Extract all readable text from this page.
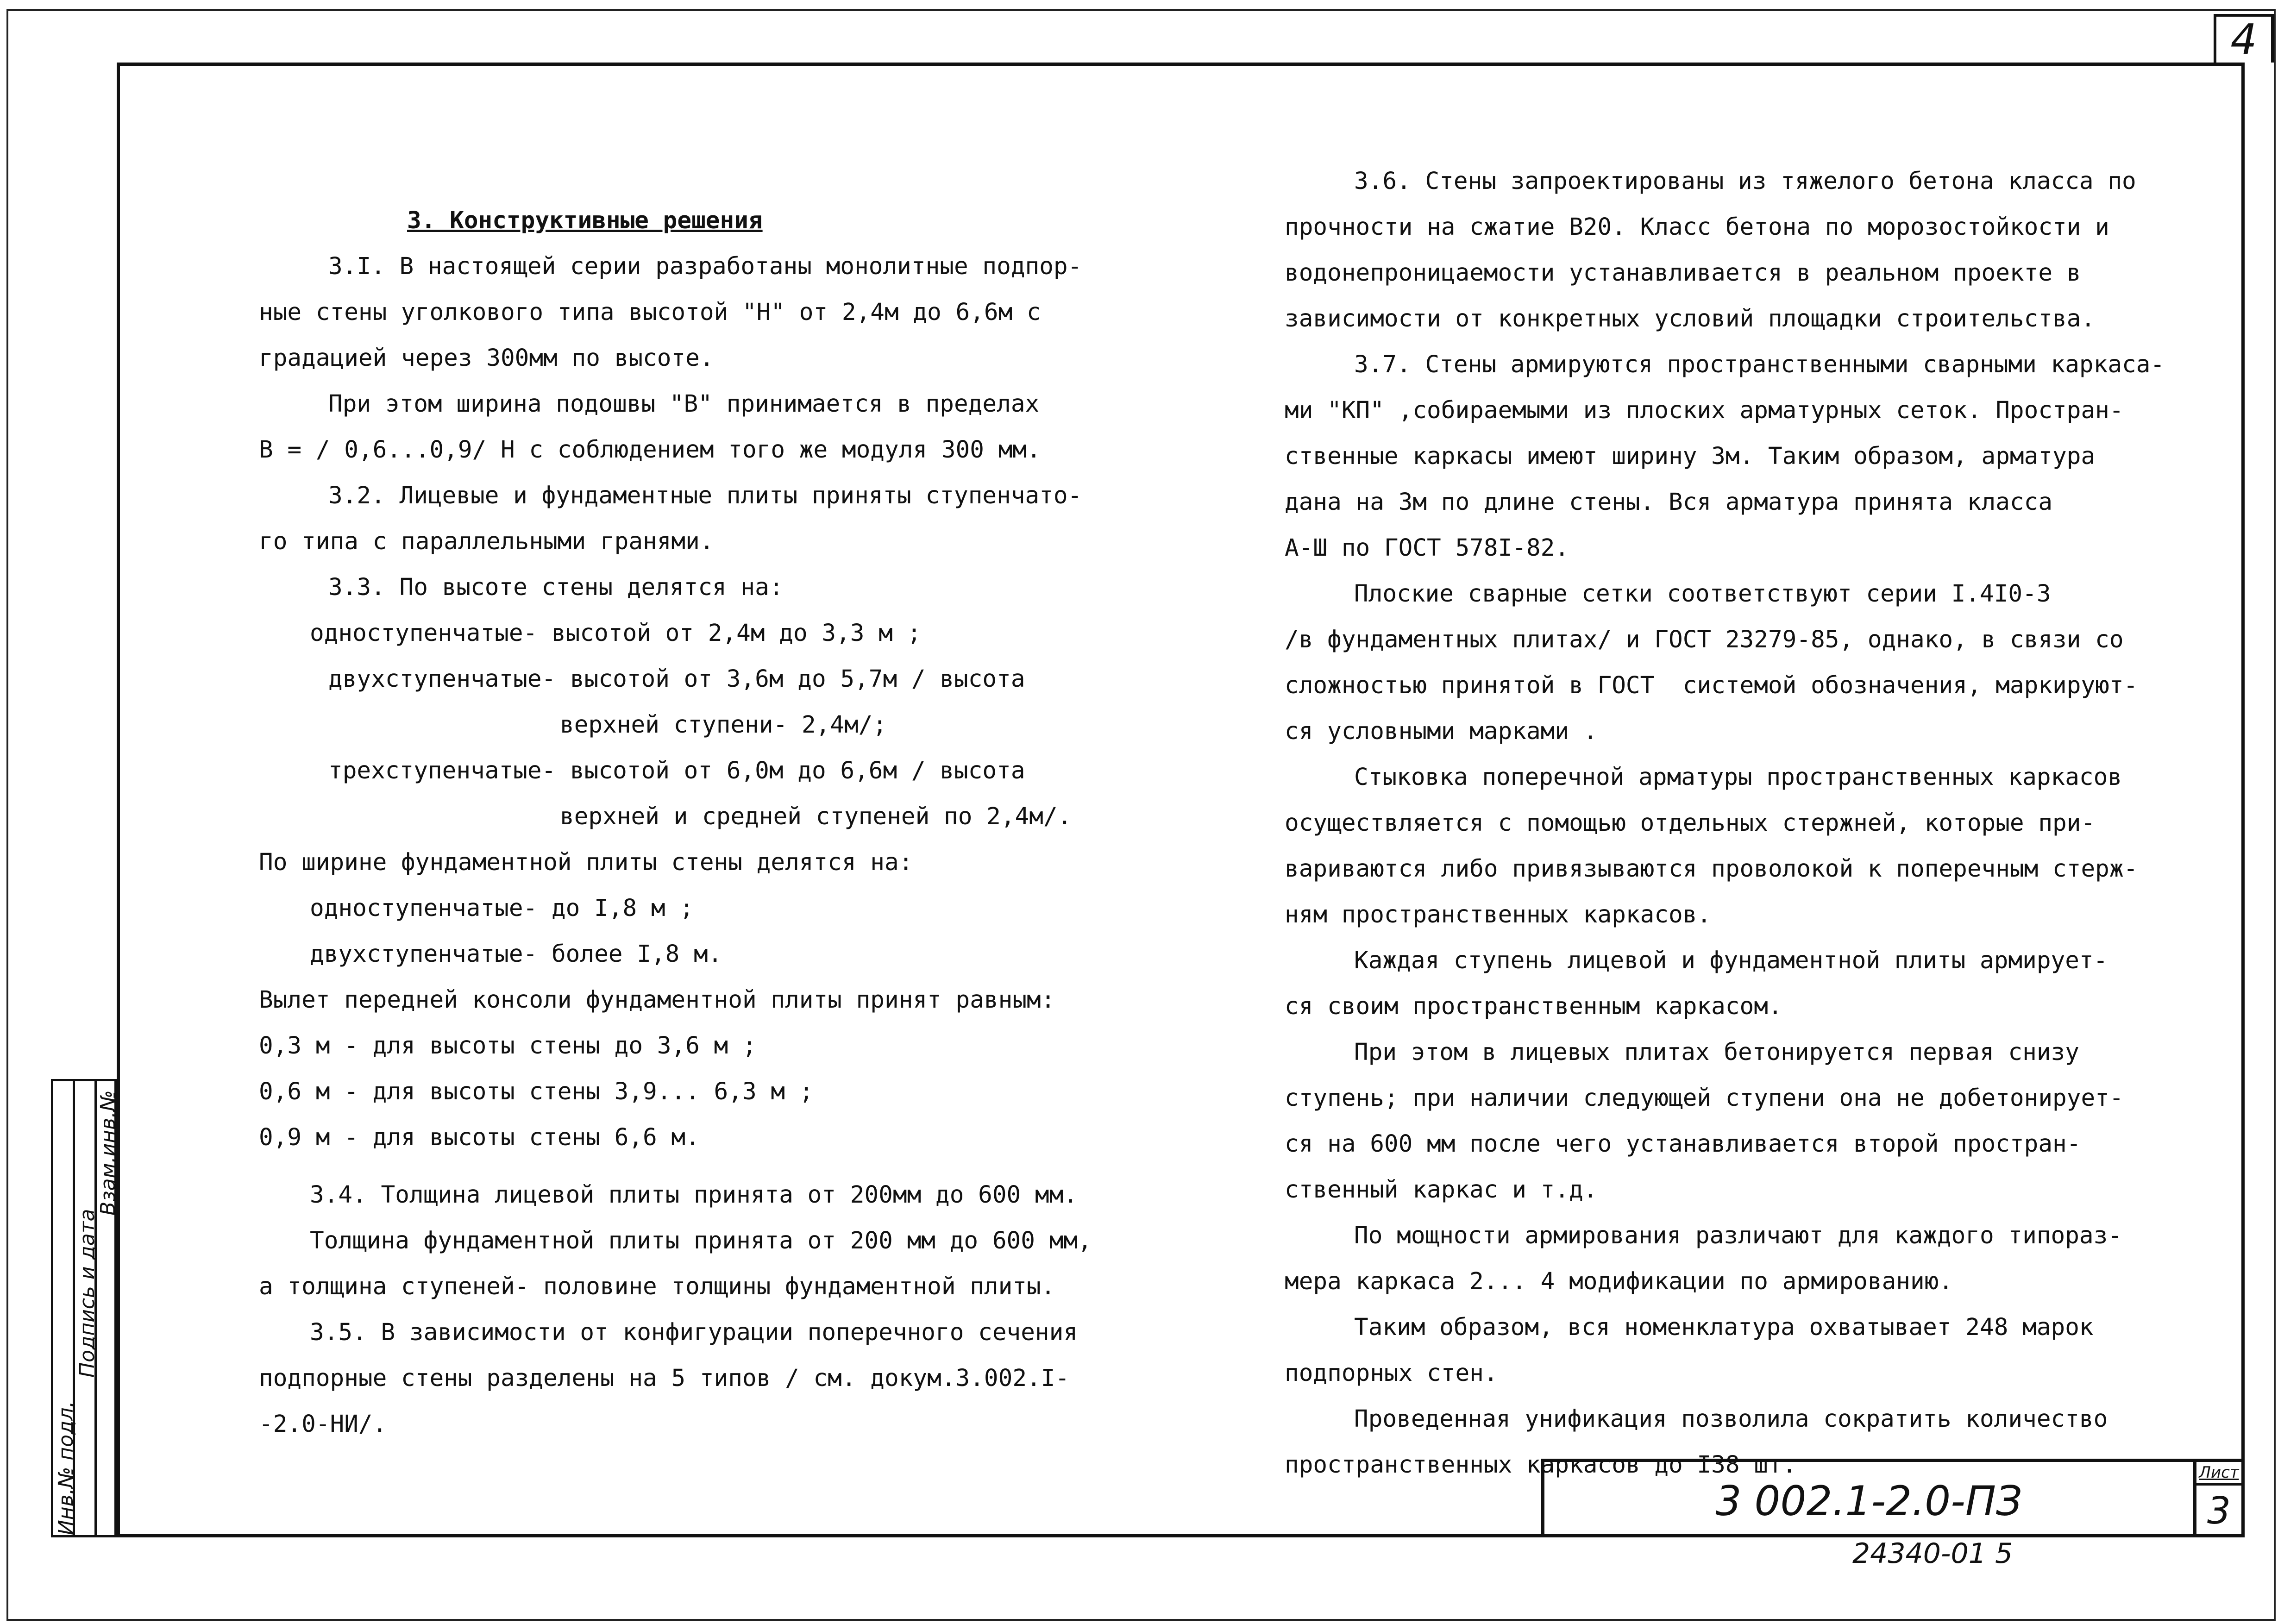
4
Инв.№ подл.
Подпись и дата
Взам.инв.№
3. Конструктивные решения
3.I. В настоящей серии разработаны монолитные подпор-
ные стены уголкового типа высотой "Н" от 2,4м до 6,6м с
градацией через 300мм по высоте.
При этом ширина подошвы "В" принимается в пределах
В = / 0,6...0,9/ Н с соблюдением того же модуля 300 мм.
3.2. Лицевые и фундаментные плиты приняты ступенчато-
го типа с параллельными гранями.
3.3. По высоте стены делятся на:
одноступенчатые- высотой от 2,4м до 3,3 м ;
двухступенчатые- высотой от 3,6м до 5,7м / высота
верхней ступени- 2,4м/;
трехступенчатые- высотой от 6,0м до 6,6м / высота
верхней и средней ступеней по 2,4м/.
По ширине фундаментной плиты стены делятся на:
одноступенчатые- до I,8 м ;
двухступенчатые- более I,8 м.
Вылет передней консоли фундаментной плиты принят равным:
0,3 м - для высоты стены до 3,6 м ;
0,6 м - для высоты стены 3,9... 6,3 м ;
0,9 м - для высоты стены 6,6 м.
3.4. Толщина лицевой плиты принята от 200мм до 600 мм.
Толщина фундаментной плиты принята от 200 мм до 600 мм,
а толщина ступеней- половине толщины фундаментной плиты.
3.5. В зависимости от конфигурации поперечного сечения
подпорные стены разделены на 5 типов / см. докум.3.002.I-
-2.0-НИ/.
3.6. Стены запроектированы из тяжелого бетона класса по
прочности на сжатие В20. Класс бетона по морозостойкости и
водонепроницаемости устанавливается в реальном проекте в
зависимости от конкретных условий площадки строительства.
3.7. Стены армируются пространственными сварными каркаса-
ми "КП" ,собираемыми из плоских арматурных сеток. Простран-
ственные каркасы имеют ширину 3м. Таким образом, арматура
дана на 3м по длине стены. Вся арматура принята класса
А-Ш по ГОСТ 578I-82.
Плоские сварные сетки соответствуют серии I.4I0-3
/в фундаментных плитах/ и ГОСТ 23279-85, однако, в связи со
сложностью принятой в ГОСТ  системой обозначения, маркируют-
ся условными марками .
Стыковка поперечной арматуры пространственных каркасов
осуществляется с помощью отдельных стержней, которые при-
вариваются либо привязываются проволокой к поперечным стерж-
ням пространственных каркасов.
Каждая ступень лицевой и фундаментной плиты армирует-
ся своим пространственным каркасом.
При этом в лицевых плитах бетонируется первая снизу
ступень; при наличии следующей ступени она не добетонирует-
ся на 600 мм после чего устанавливается второй простран-
ственный каркас и т.д.
По мощности армирования различают для каждого типораз-
мера каркаса 2... 4 модификации по армированию.
Таким образом, вся номенклатура охватывает 248 марок
подпорных стен.
Проведенная унификация позволила сократить количество
пространственных каркасов до I38 шт.
3 002.1-2.0-ПЗ
Лист
3
24340-01 5
